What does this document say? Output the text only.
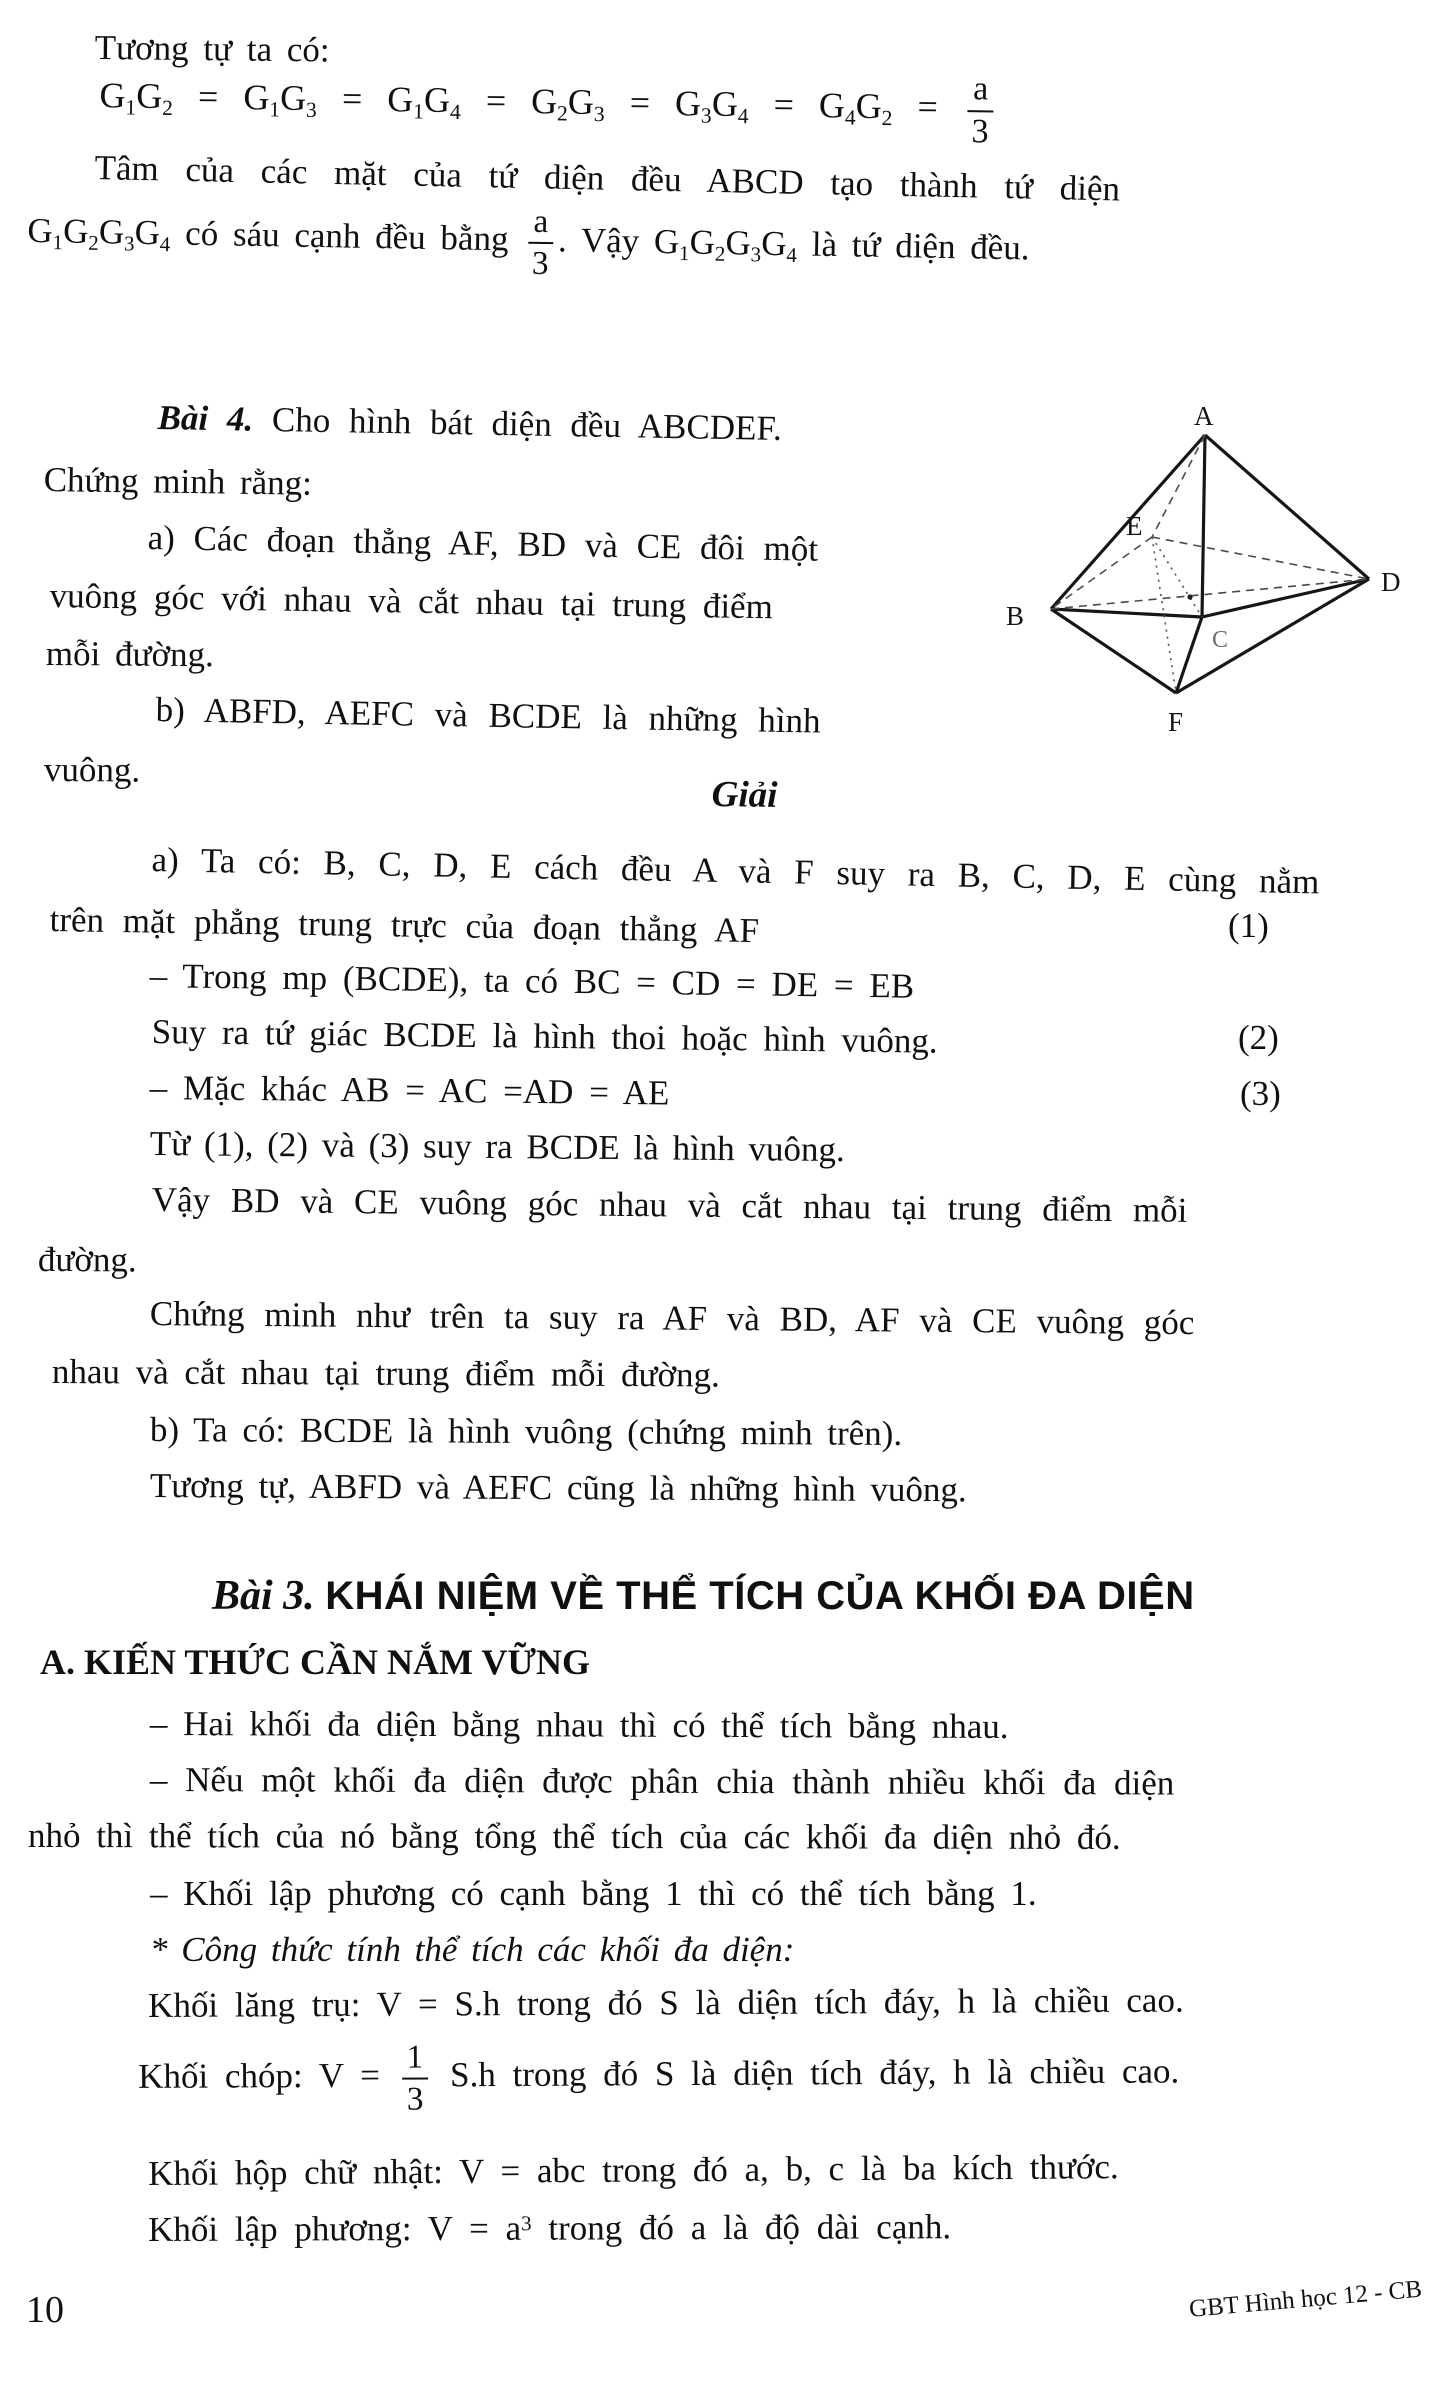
Tương tự ta có:
$G_1G_2 = G_1G_3 = G_1G_4 = G_2G_3 = G_3G_4 = G_4G_2 = \frac{a}{3}$
Tâm của các mặt của tứ diện đều ABCD tạo thành tứ diện
$G_1G_2G_3G_4$ có sáu cạnh đều bằng $\frac{a}{3}$ . Vậy $G_1G_2G_3G_4$ là tứ diện đều.
Bài 4. Cho hình bát diện đều ABCDEF.
Chứng minh rằng:
a) Các đoạn thẳng AF, BD và CE đôi một
vuông góc với nhau và cắt nhau tại trung điểm
mỗi đường.
b) ABFD, AEFC và BCDE là những hình
vuông.
Giải
a) Ta có: B, C, D, E cách đều A và F suy ra B, C, D, E cùng nằm
trên mặt phẳng trung trực của đoạn thẳng AF	(1)
– Trong mp (BCDE), ta có BC = CD = DE = EB
Suy ra tứ giác BCDE là hình thoi hoặc hình vuông.	(2)
– Mặc khác AB = AC =AD = AE	(3)
Từ (1), (2) và (3) suy ra BCDE là hình vuông.
Vậy BD và CE vuông góc nhau và cắt nhau tại trung điểm mỗi
đường.
Chứng minh như trên ta suy ra AF và BD, AF và CE vuông góc
nhau và cắt nhau tại trung điểm mỗi đường.
b) Ta có: BCDE là hình vuông (chứng minh trên).
Tương tự, ABFD và AEFC cũng là những hình vuông.
Bài 3. KHÁI NIỆM VỀ THỂ TÍCH CỦA KHỐI ĐA DIỆN
A. KIẾN THỨC CẦN NẮM VỮNG
– Hai khối đa diện bằng nhau thì có thể tích bằng nhau.
– Nếu một khối đa diện được phân chia thành nhiều khối đa diện
nhỏ thì thể tích của nó bằng tổng thể tích của các khối đa diện nhỏ đó.
– Khối lập phương có cạnh bằng 1 thì có thể tích bằng 1.
* Công thức tính thể tích các khối đa diện:
Khối lăng trụ: V = S.h trong đó S là diện tích đáy, h là chiều cao.
Khối chóp: $V = \frac{1}{3} S.h$ trong đó S là diện tích đáy, h là chiều cao.
Khối hộp chữ nhật: V = abc trong đó a, b, c là ba kích thước.
Khối lập phương: $V = a^3$ trong đó a là độ dài cạnh.
A
E
B
C
D
F
10	GBT Hình học 12 - CB
